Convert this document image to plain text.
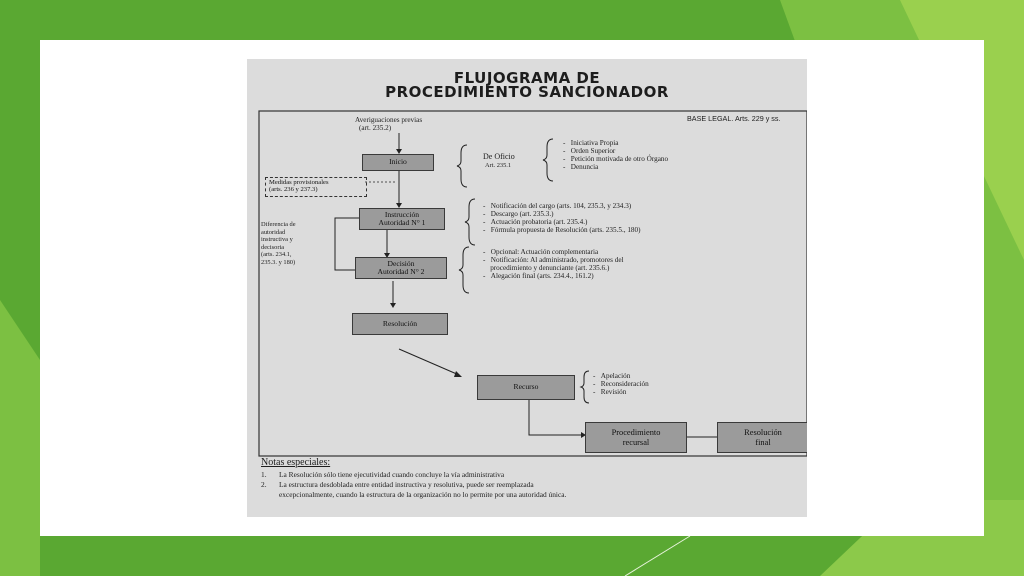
FLUJOGRAMA DE
PROCEDIMIENTO SANCIONADOR
BASE LEGAL. Arts. 229 y ss.
Averiguaciones previas
(art. 235.2)
Inicio
De Oficio
Art. 235.1
-   Iniciativa Propia
-   Orden Superior
-   Petición motivada de otro Órgano
-   Denuncia
Medidas provisionales
(arts. 236 y 237.3)
Instrucción
Autoridad N° 1
-   Notificación del cargo (arts. 104, 235.3, y 234.3)
-   Descargo (art. 235.3.)
-   Actuación probatoria (art. 235.4.)
-   Fórmula propuesta de Resolución (arts. 235.5., 180)
Diferencia de
autoridad
instructiva y
decisoria
(arts. 234.1,
235.3. y 180)	Decisión
Autoridad N° 2
-   Opcional: Actuación complementaria
-   Notificación: Al administrado, promotores del
procedimiento y denunciante (art. 235.6.)
-   Alegación final (arts. 234.4., 161.2)
Resolución
Recurso
-   Apelación
-   Reconsideración
-   Revisión
Procedimiento
recursal
Resolución
final
Notas especiales:
1. La Resolución sólo tiene ejecutividad cuando concluye la vía administrativa
2. La estructura desdoblada entre entidad instructiva y resolutiva, puede ser reemplazada
excepcionalmente, cuando la estructura de la organización no lo permite por una autoridad única.
